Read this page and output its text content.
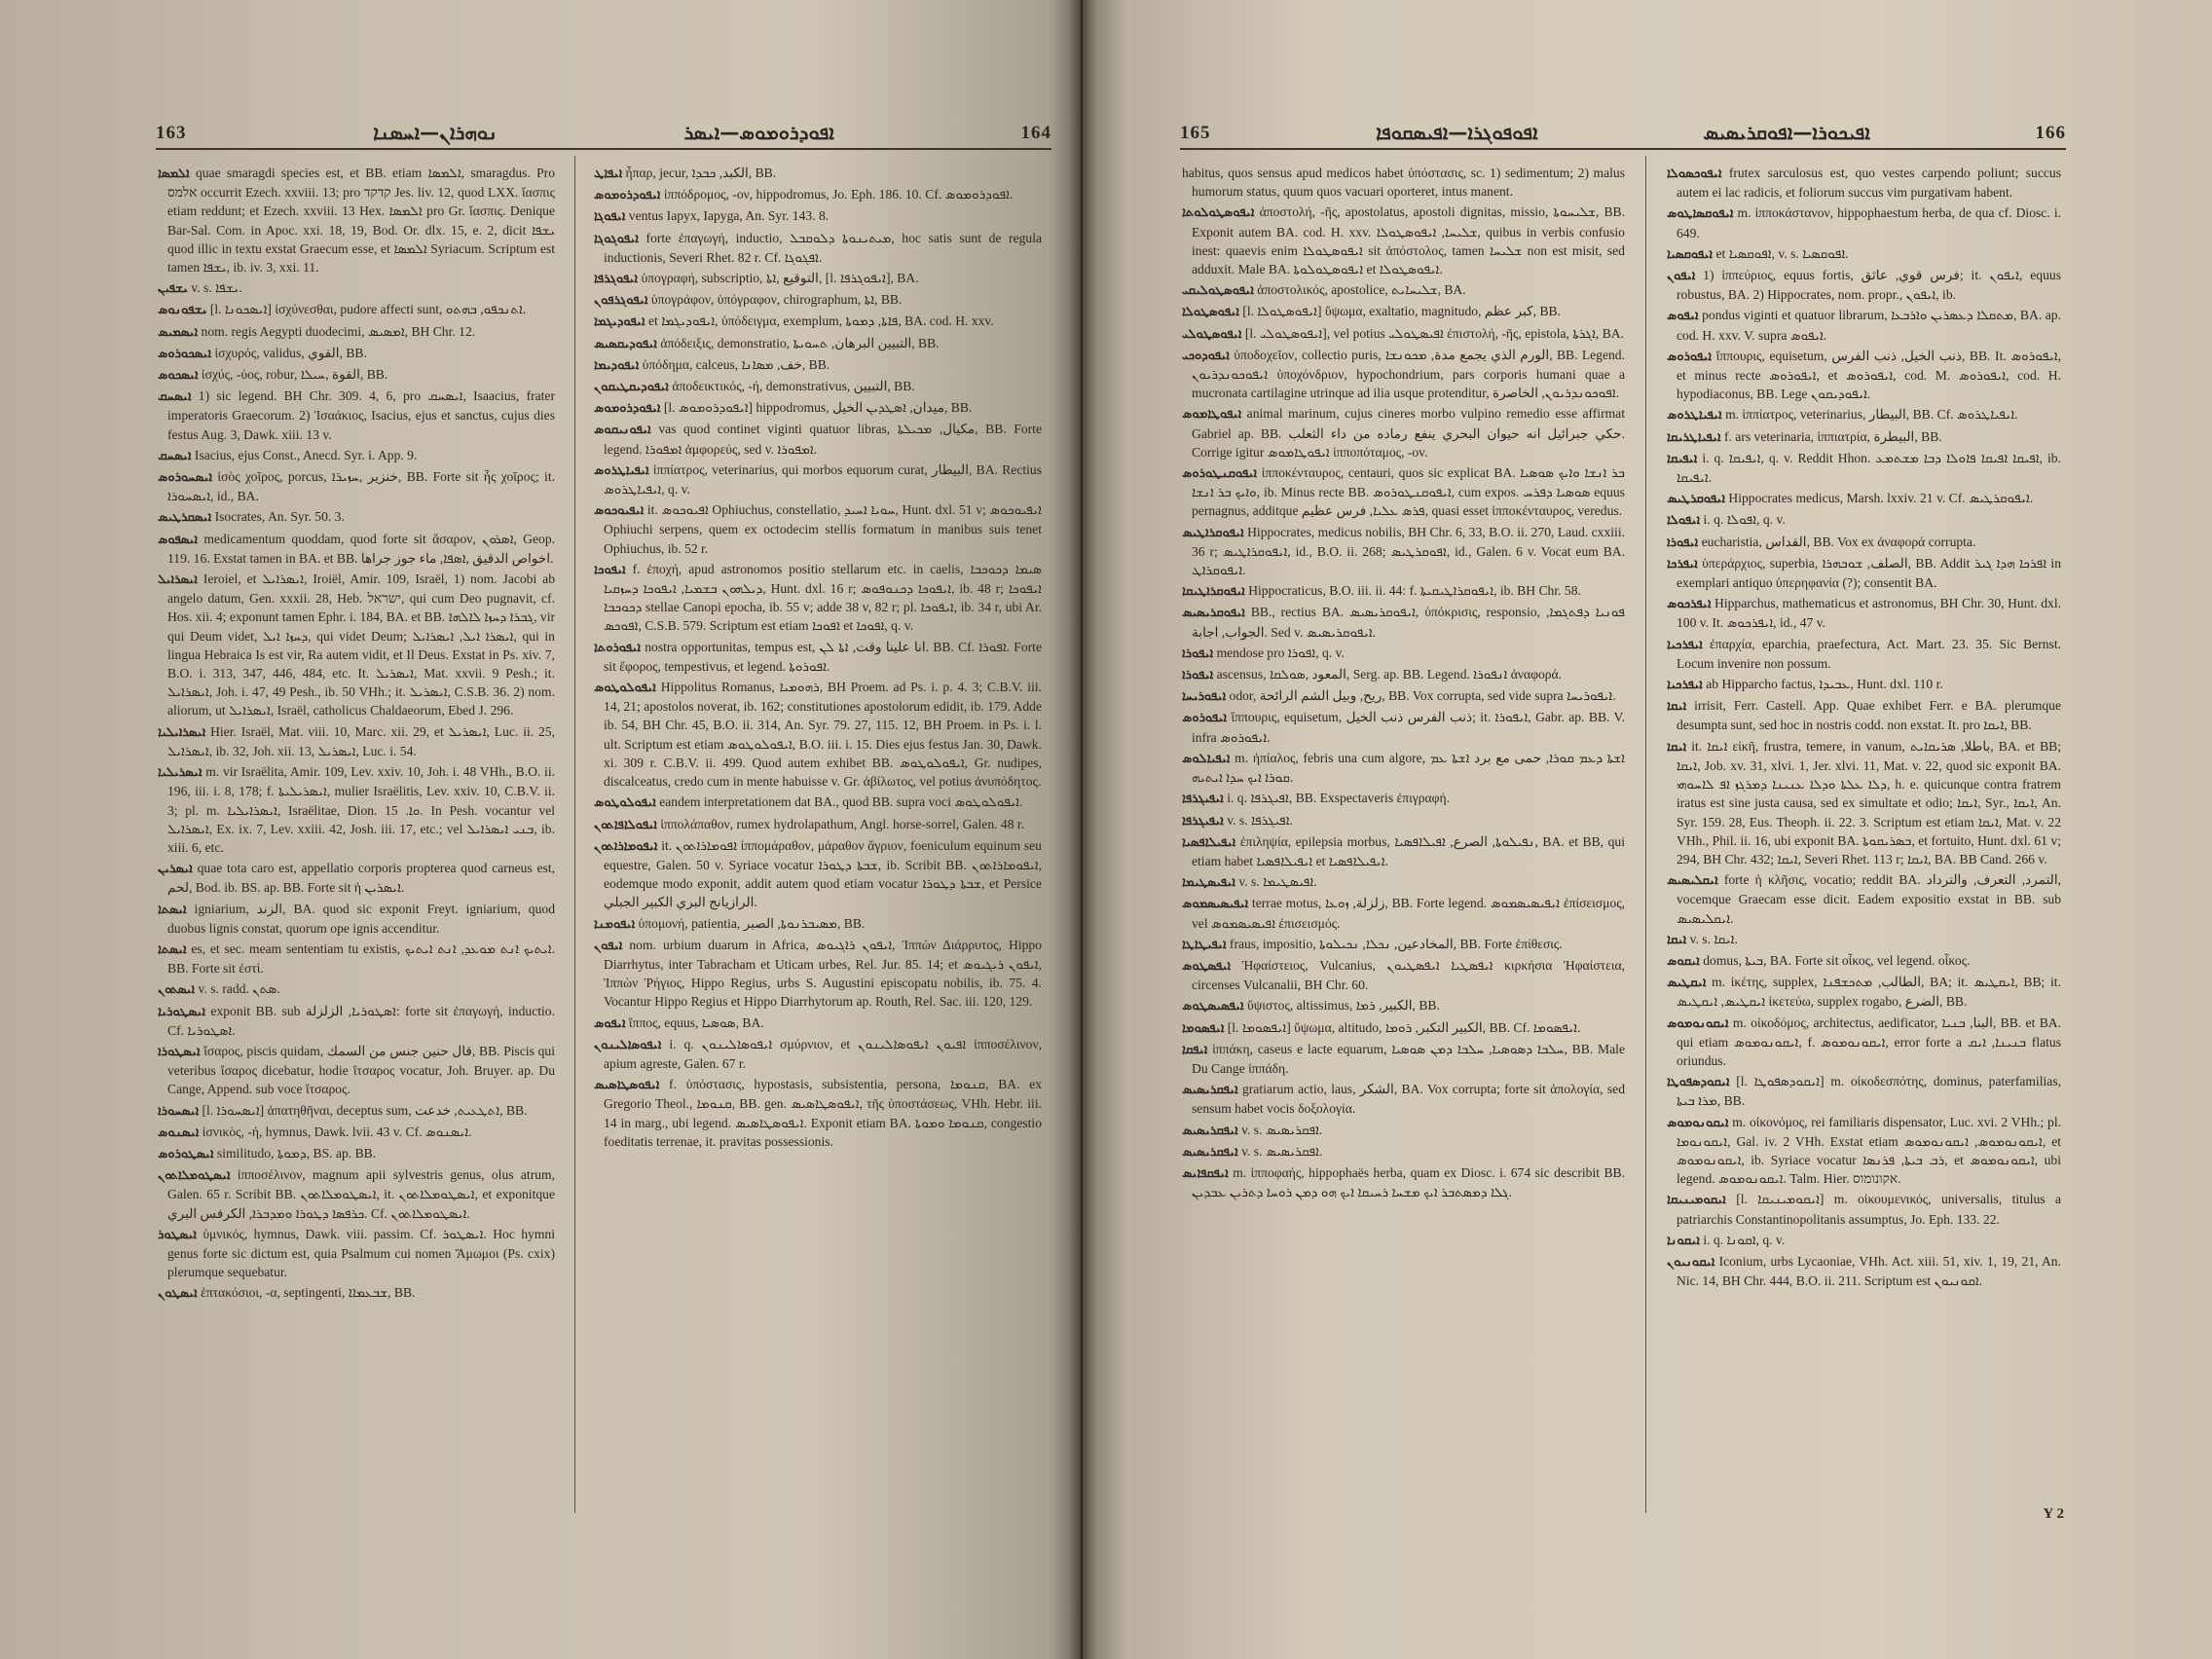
163	ܢܘܗܪܐܢ—ܐܚܣܢܐ	ܐܦܘܕܪܘܡܘܣ—ܐܝܣܪ	164

ܐܠܡܣܐ quae smaragdi species est, et BB. etiam ܐܠܡܣܐ, smaragdus. Pro אלמס occurrit Ezech. xxviii. 13; pro קדקד Jes. liv. 12, quod LXX. ἴασπις etiam reddunt; et Ezech. xxviii. 13 Hex. ܐܠܡܣܐ pro Gr. ἴασπις. Denique Bar-Sal. Com. in Apoc. xxi. 18, 19, Bod. Or. dlx. 15, e. 2, dicit ܝܫܦܐ quod illic in textu exstat Graecum esse, et ܐܠܡܣܐ Syriacum. Scriptum est tamen ܝܫܦܐ, ib. iv. 3, xxi. 11.

ܝܫܦܝܢ v. s. ܝܫܦܐ.

ܝܫܦܘܢܘܣ [l. ܐܝܣܟܘܢܐ] ἰσχύνεσθαι, pudore affecti sunt, ܐܬܢܟܦܘ, ܒܗܬܘ.

ܐܝܣܡܝܣ nom. regis Aegypti duodecimi, ܐܡܣܝܣ, BH Chr. 12.

ܐܝܣܟܘܪܘܣ ἰσχυρός, validus, القوي, BB.

ܐܝܣܟܘܣ ἰσχύς, -ύος, robur, القوة ,ܚܝܠܐ, BB.

ܐܝܣܚܩ 1) sic legend. BH Chr. 309. 4, 6, pro ܐܝܣܚܩ, Isaacius, frater imperatoris Graecorum. 2) Ἰσαάκιος, Isacius, ejus et sanctus, cujus dies festus Aug. 3, Dawk. xiii. 13 v.

ܐܝܣܚܩ Isacius, ejus Const., Anecd. Syr. i. App. 9.

ܐܝܣܚܘܪܘܣ ἰσὸς χοῖρος, porcus, خنزير ,ܚܙܝܪܐ, BB. Forte sit ἧς χοῖρος; it. ܐܝܣܚܘܪܐ, id., BA.

ܐܝܣܩܪܛܝܣ Isocrates, An. Syr. 50. 3.

ܐܝܣܦܘܣ medicamentum quoddam, quod forte sit ἄσαρον, ܐܣܪܘܢ, Geop. 119. 16. Exstat tamen in BA. et BB. اخواص الدقيق ,ܐܣܦܐ, ماء جوز جراها.

ܐܝܣܪܐܝܠ Ieroiel, et ܐܝܣܪܐܝܠ, Iroiël, Amir. 109, Israël, 1) nom. Jacobi ab angelo datum, Gen. xxxii. 28, Heb. ישראל, qui cum Deo pugnavit, cf. Hos. xii. 4; exponunt tamen Ephr. i. 184, BA. et BB. ܓܒܪܐ ܕܚܙܐ ܠܐܠܗܐ, vir qui Deum videt, ܕܚܙܐ ܐܝܠ, qui videt Deum; ܐܝܣܪܐ ܐܝܠ, ܐܝܣܪܐܝܠ, qui in lingua Hebraica Is est vir, Ra autem vidit, et Il Deus. Exstat in Ps. xiv. 7, B.O. i. 313, 347, 446, 484, etc. It. ܐܝܣܪܝܠ, Mat. xxvii. 9 Pesh.; it. ܐܝܣܪܐܝܠ, Joh. i. 47, 49 Pesh., ib. 50 VHh.; it. ܐܝܣܪܝܠ, C.S.B. 36. 2) nom. aliorum, ut ܐܝܣܪܐܝܠ, Israël, catholicus Chaldaeorum, Ebed J. 296.

ܐܝܣܪܐܝܠܝܐ Hier. Israël, Mat. viii. 10, Marc. xii. 29, et ܐܝܣܪܝܠ, Luc. ii. 25, ܐܝܣܪܐܝܠ, ib. 32, Joh. xii. 13, ܐܝܣܪܝܠ, Luc. i. 54.

ܐܝܣܪܝܠܝܐ m. vir Israëlita, Amir. 109, Lev. xxiv. 10, Joh. i. 48 VHh., B.O. ii. 196, iii. i. 8, 178; f. ܐܝܣܪܝܠܝܬܐ, mulier Israëlitis, Lev. xxiv. 10, C.B.V. ii. 3; pl. m. ܐܝܣܪܐܝܠܝܐ, Israëlitae, Dion. ܘܐ. 15. In Pesh. vocantur vel ܐܝܣܪܐܝܠ, Ex. ix. 7, Lev. xxiii. 42, Josh. iii. 17, etc.; vel ܒܢܝ ܐܝܣܪܐܝܠ, ib. xiii. 6, etc.

ܐܝܣܪܝܢ quae tota caro est, appellatio corporis propterea quod carneus est, لحم, Bod. ib. BS. ap. BB. Forte sit ἡ ܐܝܣܪܝܢ.

ܐܝܣܬܐ igniarium, الزند, BA. quod sic exponit Freyt. igniarium, quod duobus lignis constat, quorum ope ignis accenditur.

ܐܝܣܬܐ es, et sec. meam sententiam tu existis, ܐܝܬܝܟ ܐܢܬ ܡܘܥܕ, ܐܢܬ ܐܝܬܝܟ. BB. Forte sit ἐστὶ.

ܐܝܣܬܘܢ v. s. radd. ܣܬܢ.

ܐܝܣܛܘܪܝܐ exponit BB. sub ܐܣܛܘܪܝܐ, الزلزلة: forte sit ἐπαγωγή, inductio. Cf. ܐܣܛܘܪܝܐ.

ܐܝܣܛܘܪܐ ἴσαρος, piscis quidam, قال حنين جنس من السمك, BB. Piscis qui veteribus ἴσαρος dicebatur, hodie ἴτσαρος vocatur, Joh. Bruyer. ap. Du Cange, Append. sub voce ἴτσαρος.

ܐܝܣܚܘܪܐ [l. ܐܝܣܚܘܪܐ] ἀπατηθῆναι, deceptus sum, ܐܬܛܥܝܬ, خدعت, BB.

ܐܝܣܢܘܣ ἰσνικὸς, -ή, hymnus, Dawk. lvii. 43 v. Cf. ܐܝܣܢܘܣ.

ܐܝܣܛܘܪܘܣ similitudo, ܕܡܘܬܐ, BS. ap. BB.

ܐܝܣܛܘܡܠܐܬܘܢ ἱπποσέλινον, magnum apii sylvestris genus, olus atrum, Galen. 65 r. Scribit BB. ܐܝܣܛܘܡܠܐܬܘܢ, it. ܐܝܣܛܘܡܠܐܬܘܢ, et exponitque ܟܪܦܣܐ ܕܛܘܪܐ ܘܡܕܒܪܐ, الكرفس البري. Cf. ܐܝܣܛܘܡܠܐܬܘܢ.

ܐܝܣܛܘܪ ὑμνικός, hymnus, Dawk. viii. passim. Cf. ܐܝܣܛܘܪ. Hoc hymni genus forte sic dictum est, quia Psalmum cui nomen Ἄμωμοι (Ps. cxix) plerumque sequebatur.

ܐܝܣܛܘܢ ἑπτακόσιοι, -α, septingenti, ܫܒܥܡܐܐ, BB.

ܐܝܦܐܛ ἧπαρ, jecur, الكبد, ܟܒܕܐ, BB.

ܐܝܦܘܕܪܘܡܘܣ ἱππόδρομος, -ον, hippodromus, Jo. Eph. 186. 10. Cf. ܐܦܘܕܪܘܡܘܣ.

ܐܝܦܘܓܐ ventus Iapyx, Iapyga, An. Syr. 143. 8.

ܐܝܦܘܓܘܓܐ forte ἐπαγωγή, inductio, ܡܝܬܝܢܘܬܐ ܕܠܘܩܒܠ, hoc satis sunt de regula inductionis, Severi Rhet. 82 r. Cf. ܐܦܓܘܓܐ.

ܐܝܦܘܓܪܦܐ ὑπογραφή, subscriptio, التوقيع ,ܐܬܐ, [l. ܐܝܦܘܓܪܦܐ], BA.

ܐܝܦܘܓܪܦܘܢ ὑπογράφον, ὑπόγραφον, chirographum, ܐܬܐ, BB.

ܐܝܦܘܕܝܓܡܐ et ܐܝܦܘܕܝܓܡܐ, ὑπόδειγμα, exemplum, ܦܐܬܐ, ܕܡܘܬܐ, BA. cod. H. xxv.

ܐܝܦܘܕܝܩܣܝܣ ἀπόδειξις, demonstratio, التبيين البرهان, ܬܚܘܝܬܐ, BB.

ܐܝܦܘܕܝܡܐ ὑπόδημα, calceus, خف, ܡܣܐܢܐ, BB.

ܐܝܦܘܕܝܩܛܝܩܘܢ ἀποδεικτικός, -ή, demonstrativus, التبيين, BB.

ܐܝܦܘܕܪܘܡܘܣ [l. ܐܝܦܘܕܪܘܡܘܣ] hippodromus, ميدان, ܐܣܛܕܝܢ الخيل, BB.

ܐܝܦܘܢܝܩܘܣ vas quod continet viginti quatuor libras, مكيال, ܡܟܝܠܬܐ, BB. Forte legend. ܐܡܦܘܪܐ ἀμφορεύς, sed v. ܐܡܦܘܪܐ.

ܐܝܦܝܐܛܪܘܣ ἱππίατρος, veterinarius, qui morbos equorum curat, البيطار, BA. Rectius ܐܝܦܝܐܛܪܘܣ, q. v.

ܐܝܦܝܘܟܘܣ it. ܐܦܝܘܟܘܣ Ophiuchus, constellatio, ܚܘܝܐ ܐܚܝܕ, Hunt. dxl. 51 v; ܐܝܦܝܘܟܘܣ Ophiuchi serpens, quem ex octodecim stellis formatum in manibus suis tenet Ophiuchus, ib. 52 r.

ܐܝܦܘܟܐ f. ἐποχή, apud astronomos positio stellarum etc. in caelis, ܣܝܡܐ ܕܟܘܟܒܐ ܕܝܠܗܘܢ ܒܫܡܝܐ, ܐܝܦܘܟܐ ܕܚܙܩܝܐ, Hunt. dxl. 16 r; ܐܝܦܘܟܐ ܕܟܢܘܦܘܣ, ib. 48 r; ܐܝܦܘܟܐ ܕܟܘܟܒܐ stellae Canopi epocha, ib. 55 v; adde 38 v, 82 r; pl. ܐܝܦܘܟܐ, ib. 34 r, ubi Ar. ܐܦܘܟܣ, C.S.B. 579. Scriptum est etiam ܐܦܘܟܐ et ܐܦܘܟܐ, q. v.

ܐܝܦܘܪܘܬܐ nostra opportunitas, tempus est, انا علينا وقت, ܐܬܐ ܠܢ. BB. Cf. ܐܦܘܪܐ. Forte sit ἔφορος, tempestivus, et legend. ܐܦܘܪܘܬܐ.

ܐܝܦܘܠܘܛܘܣ Hippolitus Romanus, ܪܗܘܡܝܐ, BH Proem. ad Ps. i. p. 4. 3; C.B.V. iii. 14, 21; apostolos noverat, ib. 162; constitutiones apostolorum edidit, ib. 179. Adde ib. 54, BH Chr. 45, B.O. ii. 314, An. Syr. 79. 27, 115. 12, BH Proem. in Ps. i. l. ult. Scriptum est etiam ܐܝܦܘܠܘܛܘܣ, B.O. iii. i. 15. Dies ejus festus Jan. 30, Dawk. xi. 309 r. C.B.V. ii. 499. Quod autem exhibet BB. ܐܝܦܘܠܘܛܘܣ, Gr. nudipes, discalceatus, credo cum in mente habuisse v. Gr. ἀβίλωτος, vel potius ἀνυπόδητος.

ܐܝܦܘܠܘܛܘܣ eandem interpretationem dat BA., quod BB. supra voci ܐܝܦܘܠܘܛܘܣ.

ܐܝܦܘܠܐܦܐܬܘܢ ἱππολάπαθον, rumex hydrolapathum, Angl. horse-sorrel, Galen. 48 r.

ܐܝܦܘܡܐܪܐܬܘܢ it. ܐܦܘܡܐܪܐܬܘܢ ἱππομάραθον, μάραθον ἄγριον, foeniculum equinum seu equestre, Galen. 50 v. Syriace vocatur ܫܒܬܐ ܕܛܘܪܐ, ib. Scribit BB. ܐܝܦܘܡܐܪܐܬܘܢ, eodemque modo exponit, addit autem quod etiam vocatur ܫܒܬܐ ܕܛܘܪܐ, et Persice الرازيانج البري الكبير الجبلي.

ܐܝܦܘܡܢܐ ὑπομονή, patientia, ܡܣܝܒܪܢܘܬܐ, الصبر, BB.

ܐܝܦܘܢ nom. urbium duarum in Africa, ܐܝܦܘܢ ܪܐܓܝܘܣ, Ἱππὼν Διάρρυτος, Hippo Diarrhytus, inter Tabracham et Uticam urbes, Rel. Jur. 85. 14; et ܐܝܦܘܢ ܪܝܓܝܘܣ, Ἱππὼν Ῥήγιος, Hippo Regius, urbs S. Augustini episcopatu nobilis, ib. 75. 4. Vocantur Hippo Regius et Hippo Diarrhytorum ap. Routh, Rel. Sac. iii. 120, 129.

ܐܝܦܘܣ ἵππος, equus, ܣܘܣܝܐ, BA.

ܐܝܦܘܣܐܠܝܢܘܢ i. q. ܐܝܦܘܣܐܠܝܢܘܢ σμύρνιον, et ܐܦܝܘܢ ܐܝܦܘܣܐܠܝܢܘܢ ἱπποσέλινον, apium agreste, Galen. 67 r.

ܐܝܦܘܣܛܐܣܝܣ f. ὑπόστασις, hypostasis, subsistentia, persona, ܩܢܘܡܐ, BA. ex Gregorio Theol., ܩܢܘܡܐ, BB. gen. ܐܝܦܘܣܛܐܣܝܣ, τῆς ὑποστάσεως, VHh. Hebr. iii. 14 in marg., ubi legend. ܐܝܦܘܣܛܐܣܝܣ. Exponit etiam BA. ܩܢܘܡܐ ܘܡܘܬܐ, congestio foeditatis terrenae, it. pravitas possessionis.

165	ܐܦܘܦܘܓܪܐ—ܐܦܝܣܩܘܦܐ	ܐܦܝܟܘܪܐ—ܐܦܘܩܪܝܣܝܣ	166

habitus, quos sensus apud medicos habet ὑπόστασις, sc. 1) sedimentum; 2) malus humorum status, quum quos vacuari oporteret, intus manent.

ܐܝܦܘܣܛܘܠܘܬܐ ἀποστολή, -ῆς, apostolatus, apostoli dignitas, missio, ܫܠܝܚܘܬܐ, BB. Exponit autem BA. cod. H. xxv. ܫܠܝܚܐ, ܐܝܦܘܣܛܘܠܐ, quibus in verbis confusio inest: quaevis enim ܐܝܦܘܣܛܘܠܐ sit ἀπόστολος, tamen ܫܠܝܚܐ non est misit, sed adduxit. Male BA. ܐܝܦܘܣܛܘܠܘܬܐ et ܐܝܦܘܣܛܘܠܐ.

ܐܝܦܘܣܛܘܠܝܩܝ ἀποστολικός, apostolice, ܫܠܝܚܐܝܬ, BA.

ܐܝܦܘܣܛܘܠܐ [l. ܐܝܦܘܣܛܘܠܐ] ὕψωμα, exaltatio, magnitudo, كبر عظم, BB.

ܐܝܦܘܣܛܘܠܝ [l. ܐܝܦܘܣܛܘܠܝ], vel potius ܐܦܝܣܛܘܠܝ ἐπιστολή, -ῆς, epistola, ܐܓܪܬܐ, BA.

ܐܝܦܘܕܘܟܝ ὑποδοχεῖον, collectio puris, الورم الذي يجمع مدة, ܡܟܘܢܫܐ, BB. Legend. ܐܝܦܘܟܘܢܕܪܝܘܢ ὑποχόνδριον, hypochondrium, pars corporis humani quae a mucronata cartilagine utrinque ad ilia usque protenditur, ܐܦܘܟܘܢܕܪܝܘܢ, الخاصرة.

ܐܝܦܘܛܐܡܘܣ animal marinum, cujus cineres morbo vulpino remedio esse affirmat Gabriel ap. BB. حكي جبرائيل انه حيوان البحري ينفع رماده من داء الثعلب. Corrige igitur ܐܝܦܘܛܐܡܘܣ ἱπποπόταμος, -ov.

ܐܝܦܘܩܢܛܘܪܘܣ ἱπποκένταυρος, centauri, quos sic explicat BA. ܒܪ ܐܢܫܐ ܘܐܝܟ ܣܘܣܝܐ ܘܐܝܟ ܒܪ ܐܢܫܐ, ib. Minus recte BB. ܐܝܦܘܩܢܛܘܪܘܣ, cum expos. ܣܘܣܝܐ ܕܦܪܚ equus pernagnus, additque ܦܪܣ ܥܠܝܐ, فرس عظيم, quasi esset ἱπποκένταυρος, veredus.

ܐܝܦܘܩܪܐܛܝܣ Hippocrates, medicus nobilis, BH Chr. 6, 33, B.O. ii. 270, Laud. cxxiii. 36 r; ܐܝܦܘܩܪܐܛܝܣ, id., B.O. ii. 268; ܐܦܘܩܪܛܝܣ, id., Galen. 6 v. Vocat eum BA. ܐܝܦܘܩܪܐܛ.

ܐܝܦܘܩܪܐܛܝܩܐ Hippocraticus, B.O. iii. ii. 44: f. ܐܝܦܘܩܪܐܛܝܩܝܬܐ, ib. BH Chr. 58.

ܐܝܦܘܩܪܝܣܝܣ BB., rectius BA. ܐܝܦܘܩܪܝܣܝܣ, ὑπόκρισις, responsio, ܦܘܢܝܐ ܕܦܬܓܡܐ, الجواب, اجابة. Sed v. ܐܝܦܘܩܪܝܣܝܣ.

ܐܝܦܘܪܐ mendose pro ܐܦܘܪܐ, q. v.

ܐܝܦܘܪܐ ascensus, المعود ,ܣܘܠܩܐ, Serg. ap. BB. Legend. ܐܢܦܘܪܐ ἀναφορά.

ܐܝܦܘܪܝܚܐ odor, ريح, وبيل الشم الرائحة, BB. Vox corrupta, sed vide supra ܐܝܦܘܪܝܚܐ.

ܐܝܦܘܪܘܣ ἵππουρις, equisetum, ذنب الفرس ذنب الخيل; it. ܐܝܦܘܪܐ, Gabr. ap. BB. V. infra ܐܝܦܘܪܘܣ.

ܐܝܦܝܐܠܘܣ m. ἠπίαλος, febris una cum algore, ܐܫܬܐ ܕܥܡ ܩܘܪܐ, حمى مع برد ܐܫܬܐ ܥܡ ܩܘܪܐ ܐܝܟ ܚܕܐ ܐܝܬܝܗ.

ܐܝܦܝܓܪܦܐ i. q. ܐܦܝܓܪܦܐ, BB. Exspectaveris ἐπιγραφή.

ܐܝܦܝܓܪܦܐ v. s. ܐܦܝܓܪܦܐ.

ܐܝܦܝܠܐܦܣܝܐ ἐπιληψία, epilepsia morbus, ܢܦܝܠܘܬܐ, الصرع, ܐܦܝܠܐܦܣܝܐ, BA. et BB, qui etiam habet ܐܝܦܝܠܐܦܣܝܐ et ܐܝܦܝܠܐܦܣܝܐ.

ܐܝܦܝܣܛܝܡܐ v. s. ܐܦܝܣܛܝܡܐ.

ܐܝܦܝܣܝܣܡܘܣ terrae motus, زلزلة, ܙܘܥܐ, BB. Forte legend. ܐܝܦܝܣܝܣܡܘܣ ἐπίσεισμος, vel ܐܦܝܣܝܣܡܘܣ ἐπισεισμός.

ܐܝܦܝܛܐܛܐ fraus, impositio, المخادعين, ܢܟܠܐ, ܢܟܝܠܘܬܐ, BB. Forte ἐπίθεσις.

ܐܝܦܣܛܘܣ Ἡφαίστειος, Vulcanius, ܐܝܦܣܛܝܐ ܐܝܦܣܛܝܘܢ κιρκήσια Ἡφαίστεια, circenses Vulcanalii, BH Chr. 60.

ܐܝܦܣܝܣܛܘܣ ὕψιστος, altissimus, الكبير, ܪܡܐ, BB.

ܐܝܦܣܘܡܐ [l. ܐܝܦܣܘܡܐ] ὕψωμα, altitudo, الكبير التكبر, ܪܘܡܐ, BB. Cf. ܐܝܦܣܘܡܐ.

ܐܝܦܩܐ ἱππάκη, caseus e lacte equarum, ܚܠܒܐ ܕܣܘܣܝܐ, ܚܠܒܐ ܕܡܢ ܣܘܣܝܐ, BB. Male Du Cange ἱππάδη.

ܐܝܦܩܪܝܣܝܣ gratiarum actio, laus, الشكر, BA. Vox corrupta; forte sit ἀπολογία, sed sensum habet vocis δοξολογία.

ܐܝܦܩܪܝܣܝܣ v. s. ܐܦܩܪܝܣܝܣ.

ܐܝܦܩܪܝܣܝܣ v. s. ܐܦܩܪܝܣܝܣ.

ܐܝܦܩܦܐܝܣ m. ἱπποφαής, hippophaës herba, quam ex Diosc. i. 674 sic describit BB. ܓܠܐ ܕܡܣܬܒܪ ܐܝܟ ܡܫܚܐ ܪܚܝܩܐ ܐܝܟ ܗܘ ܕܡܢ ܪܘܚܐ ܕܬܪܝܢ ܥܒܕܝܢ.

ܐܝܦܘܟܣܘܠܐ frutex sarculosus est, quo vestes carpendo poliunt; succus autem ei lac radicis, et foliorum succus vim purgativam habent.

ܐܝܦܘܩܣܐܛܘܣ m. ἱπποκάστανον, hippophaestum herba, de qua cf. Diosc. i. 649.

ܐܝܦܘܩܣܝܐ et ܐܦܘܩܣܝܐ, v. s. ܐܦܘܩܣܝܐ.

ܐܝܦܘܢ 1) ἱππεύριος, equus fortis, فرس قوي, عاثق; it. ܐܝܦܘܢ, equus robustus, BA. 2) Hippocrates, nom. propr., ܐܝܦܘܢ, ib.

ܐܝܦܘܣ pondus viginti et quatuor librarum, ܡܬܩܠܐ ܕܥܣܪܝܢ ܘܐܪܒܥܐ, BA. ap. cod. H. xxv. V. supra ܐܝܦܘܣ.

ܐܝܦܘܪܘܣ ἵππουρις, equisetum, ذنب الخيل, ذنب الفرس, BB. It. ܐܝܦܘܪܘܣ, et minus recte ܐܝܦܘܪܘܣ, et ܐܝܦܘܪܘܣ, cod. M. ܐܝܦܘܪܘܣ, cod. H. hypodiaconus, BB. Lege ܐܝܦܘܕܝܩܘܢ.

ܐܝܦܝܐܛܪܘܣ m. ἱππίατρος, veterinarius, البيطار, BB. Cf. ܐܝܦܝܐܛܪܘܣ.

ܐܝܦܝܐܛܪܝܩܐ f. ars veterinaria, ἱππιατρία, البيطرة, BB.

ܐܝܦܝܩܐ i. q. ܐܝܦܝܩܐ, q. v. Reddit Hhon. ܐܦܝܩܐ ܐܦܝܩܐ ܦܐܘܠܐ ܕܒܐ ܡܫܬܡܥ, ib. ܐܝܦܝܩܐ.

ܐܝܦܘܩܪܛܝܣ Hippocrates medicus, Marsh. lxxiv. 21 v. Cf. ܐܝܦܘܩܪܛܝܣ.

ܐܝܦܘܠܐ i. q. ܐܦܘܠܐ, q. v.

ܐܝܦܘܪܐ eucharistia, القداس, BB. Vox ex ἀναφορά corrupta.

ܐܝܦܪܟܐ ὑπεράρχιος, superbia, الصلف, ܫܘܒܗܪܐ, BB. Addit ܐܦܪܟܐ ܗܕܐ ܓܝܪ in exemplari antiquo ὑπερηφανία (?); consentit BA.

ܐܝܦܪܟܘܣ Hipparchus, mathematicus et astronomus, BH Chr. 30, Hunt. dxl. 100 v. It. ܐܝܦܪܟܘܣ, id., 47 v.

ܐܝܦܪܟܝܐ ἐπαρχία, eparchia, praefectura, Act. Mart. 23. 35. Sic Bernst. Locum invenire non possum.

ܐܝܦܪܟܝܐ ab Hipparcho factus, ܥܒܝܕܐ, Hunt. dxl. 110 r.

ܐܝܩܐ irrisit, Ferr. Castell. App. Quae exhibet Ferr. e BA. plerumque desumpta sunt, sed hoc in nostris codd. non exstat. It. pro ܐܝܩܐ, BB.

ܐܝܩܐ it. ܐܝܩܐ εἰκῆ, frustra, temere, in vanum, باطلا, ܣܪܝܩܐܝܬ, BA. et BB; ܐܝܩܐ, Job. xv. 31, xlvi. 1, Jer. xlvi. 11, Mat. v. 22, quod sic exponit BA. ܕܠܐ ܥܠܬܐ ܘܕܠܐ ܥܢܝܢܐ ܕܡܪܓܙ ܐܦ ܠܐܚܘܗܝ, h. e. quicunque contra fratrem iratus est sine justa causa, sed ex simultate et odio; ܐܝܩܐ, Syr., ܐܝܩܐ, An. Syr. 159. 28, Eus. Theoph. ii. 22. 3. Scriptum est etiam ܐܝܩܐ, Mat. v. 22 VHh., Phil. ii. 16, ubi exponit BA. ܒܣܪܝܩܘܬܐ, et fortuito, Hunt. dxl. 61 v; 294, BH Chr. 432; ܐܝܩܐ, Severi Rhet. 113 r; ܐܝܩܐ, BA. BB Cand. 266 v.

ܐܝܩܠܝܣܝܣ forte ἡ κλῆσις, vocatio; reddit BA. التمرد, التعرف, والترداد, vocemque Graecam esse dicit. Eadem expositio exstat in BB. sub ܐܝܩܠܝܣܝܣ.

ܐܝܩܐ v. s. ܐܝܩܐ.

ܐܝܩܘܣ domus, ܒܝܬܐ, BA. Forte sit οἶκος, vel legend. οἶκος.

ܐܝܩܛܝܣ m. ἱκέτης, supplex, الطالب, ܡܬܟܫܦܢܐ, BA; it. ܐܝܩܛܝܣ, BB; it. ܐܝܩܛܝܣ, ܐܝܩܛܝܣ ἱκετεύω, supplex rogabo, الضرع, BB.

ܐܝܩܘܢܘܡܘܣ m. οἰκοδόμος, architectus, aedificator, البنا, ܒܢܝܐ, BB. et BA. qui etiam ܐܝܩܘܢܘܡܘܣ, f. ܐܝܩܘܢܘܡܘܣ, error forte a ܒܢܝܢܐ, ܐܝܩ flatus oriundus.

ܐܝܩܘܕܣܦܘܛܐ [l. ܐܝܩܘܕܣܦܘܛܐ] m. οἰκοδεσπότης, dominus, paterfamilias, ܡܪܐ ܒܝܬܐ, BB.

ܐܝܩܘܢܘܡܘܣ m. οἰκονόμος, rei familiaris dispensator, Luc. xvi. 2 VHh.; pl. ܐܝܩܘܢܘܡܐ, Gal. iv. 2 VHh. Exstat etiam ܐܝܩܘܢܘܡܘܣ, ܐܝܩܘܢܘܡܘܣ, et ܐܝܩܘܢܘܡܘܣ, ib. Syriace vocatur ܪܒ ܒܝܬܐ, ܦܪܢܣܐ, et ܐܝܩܘܢܘܡܘܣ, ubi legend. ܐܝܩܘܢܘܡܘܣ. Talm. Hier. אקונומוס.

ܐܝܩܘܡܝܢܝܩܐ [l. ܐܝܩܘܡܝܢܝܩܐ] m. οἰκουμενικός, universalis, titulus a patriarchis Constantinopolitanis assumptus, Jo. Eph. 133. 22.

ܐܝܩܘܢܐ i. q. ܐܩܘܢܐ, q. v.

ܐܝܩܘܢܝܘܢ Iconium, urbs Lycaoniae, VHh. Act. xiii. 51, xiv. 1, 19, 21, An. Nic. 14, BH Chr. 444, B.O. ii. 211. Scriptum est ܐܩܘܢܝܘܢ.

Y 2
